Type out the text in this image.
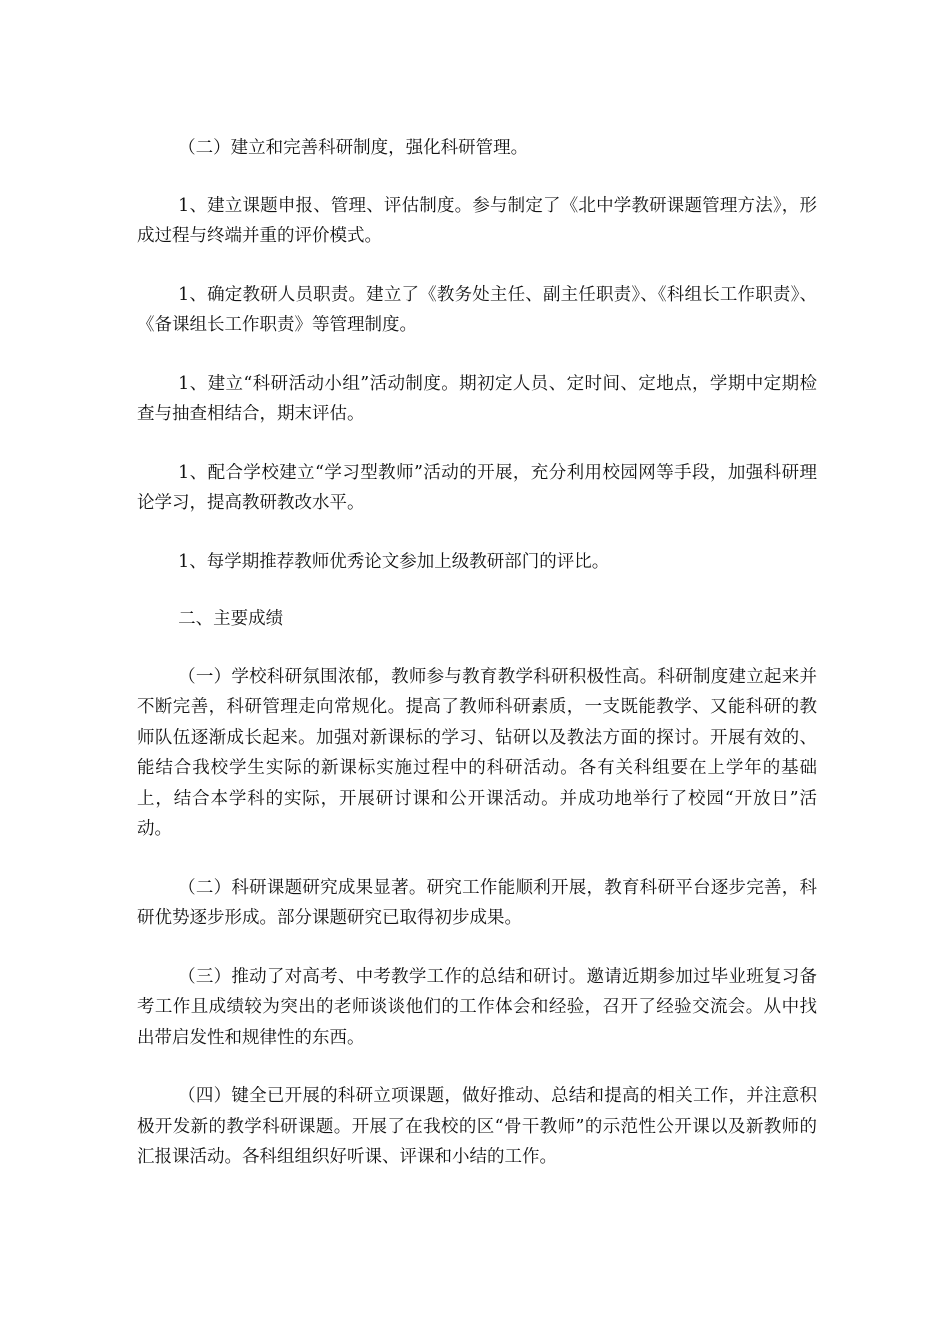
（二）建立和完善科研制度，强化科研管理。

1、建立课题申报、管理、评估制度。参与制定了《北中学教研课题管理方法》，形成过程与终端并重的评价模式。

1、确定教研人员职责。建立了《教务处主任、副主任职责》、《科组长工作职责》、《备课组长工作职责》等管理制度。

1、建立“科研活动小组”活动制度。期初定人员、定时间、定地点，学期中定期检查与抽查相结合，期末评估。

1、配合学校建立“学习型教师”活动的开展，充分利用校园网等手段，加强科研理论学习，提高教研教改水平。

1、每学期推荐教师优秀论文参加上级教研部门的评比。

二、主要成绩

（一）学校科研氛围浓郁，教师参与教育教学科研积极性高。科研制度建立起来并不断完善，科研管理走向常规化。提高了教师科研素质，一支既能教学、又能科研的教师队伍逐渐成长起来。加强对新课标的学习、钻研以及教法方面的探讨。开展有效的、能结合我校学生实际的新课标实施过程中的科研活动。各有关科组要在上学年的基础上，结合本学科的实际，开展研讨课和公开课活动。并成功地举行了校园“开放日”活动。

（二）科研课题研究成果显著。研究工作能顺利开展，教育科研平台逐步完善，科研优势逐步形成。部分课题研究已取得初步成果。

（三）推动了对高考、中考教学工作的总结和研讨。邀请近期参加过毕业班复习备考工作且成绩较为突出的老师谈谈他们的工作体会和经验，召开了经验交流会。从中找出带启发性和规律性的东西。

（四）键全已开展的科研立项课题，做好推动、总结和提高的相关工作，并注意积极开发新的教学科研课题。开展了在我校的区“骨干教师”的示范性公开课以及新教师的汇报课活动。各科组组织好听课、评课和小结的工作。
